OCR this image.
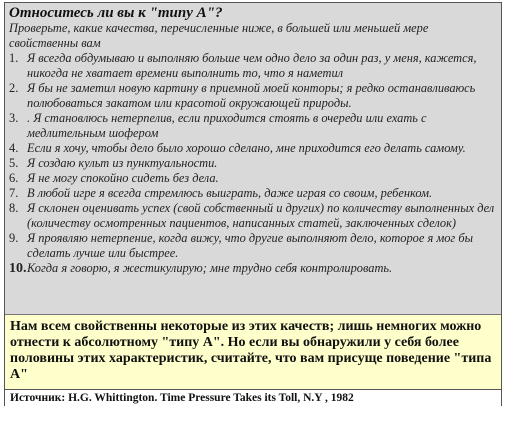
Относитесь ли вы к "типу А"?
Проверьте, какие качества, перечисленные ниже, в большей или меньшей мере свойственны вам
1. Я всегда обдумываю и выполняю больше чем одно дело за один раз, у меня, кажется, никогда не хватает времени выполнить то, что я наметил
2. Я бы не заметил новую картину в приемной моей конторы; я редко останавливаюсь полюбоваться закатом или красотой окружающей природы.
3. . Я становлюсь нетерпелив, если приходится стоять в очереди или ехать с медлительным шофером
4. Если я хочу, чтобы дело было хорошо сделано, мне приходится его делать самому.
5. Я создаю культ из пунктуальности.
6. Я не могу спокойно сидеть без дела.
7. В любой игре я всегда стремлюсь выиграть, даже играя со своим, ребенком.
8. Я склонен оценивать успех (свой собственный и других) по количеству выполненных дел (количеству осмотренных пациентов, написанных статей, заключенных сделок)
9. Я проявляю нетерпение, когда вижу, что другие выполняют дело, которое я мог бы сделать лучше или быстрее.
10. Когда я говорю, я жестикулирую; мне трудно себя контролировать.
Нам всем свойственны некоторые из этих качеств; лишь немногих можно отнести к абсолютному "типу А". Но если вы обнаружили у себя более половины этих характеристик, считайте, что вам присуще поведение "типа А"
Источник: H.G. Whittington. Time Pressure Takes its Toll, N.Y , 1982
